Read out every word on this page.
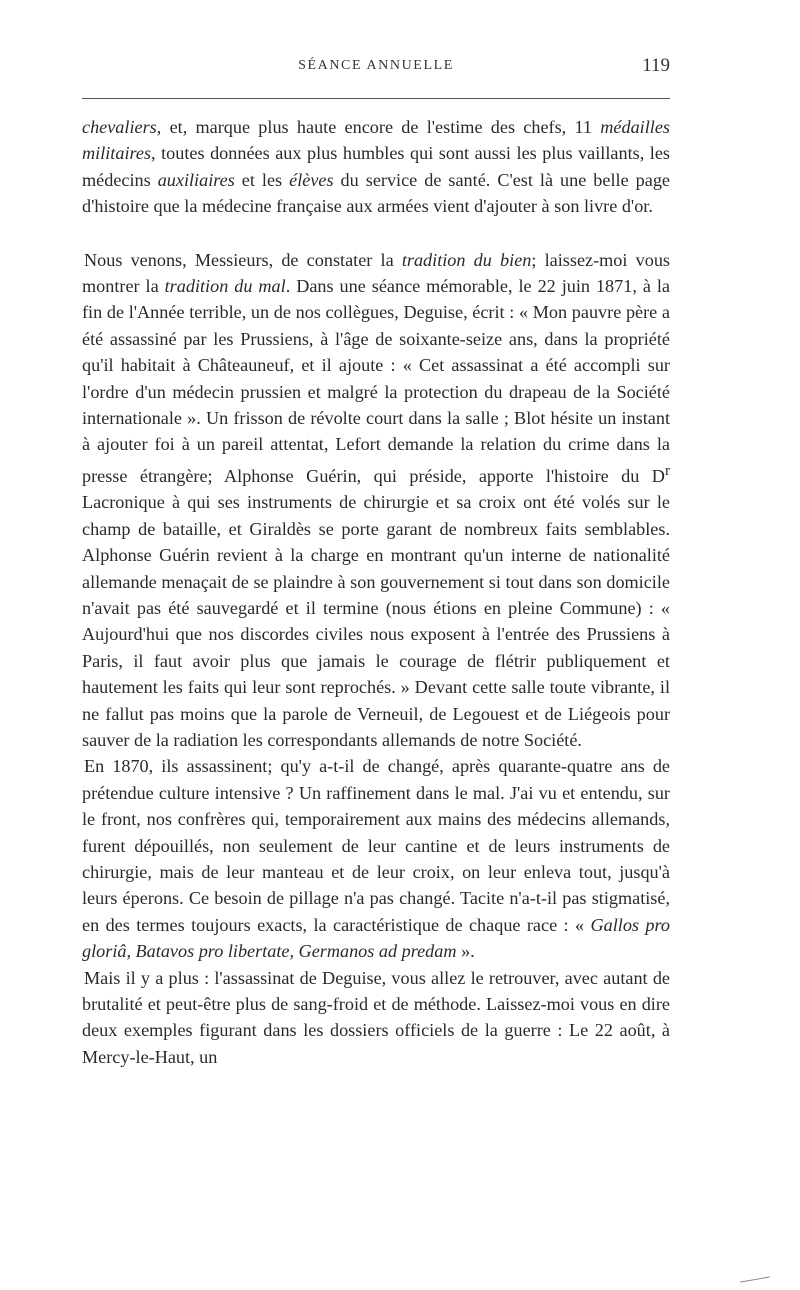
SÉANCE ANNUELLE	119

chevaliers, et, marque plus haute encore de l'estime des chefs, 11 médailles militaires, toutes données aux plus humbles qui sont aussi les plus vaillants, les médecins auxiliaires et les élèves du service de santé. C'est là une belle page d'histoire que la médecine française aux armées vient d'ajouter à son livre d'or.

Nous venons, Messieurs, de constater la tradition du bien; laissez-moi vous montrer la tradition du mal. Dans une séance mémorable, le 22 juin 1871, à la fin de l'Année terrible, un de nos collègues, Deguise, écrit : « Mon pauvre père a été assassiné par les Prussiens, à l'âge de soixante-seize ans, dans la propriété qu'il habitait à Châteauneuf, et il ajoute : « Cet assassinat a été accompli sur l'ordre d'un médecin prussien et malgré la protection du drapeau de la Société internationale ». Un frisson de révolte court dans la salle ; Blot hésite un instant à ajouter foi à un pareil attentat, Lefort demande la relation du crime dans la presse étrangère; Alphonse Guérin, qui préside, apporte l'histoire du $D^r$ Lacronique à qui ses instruments de chirurgie et sa croix ont été volés sur le champ de bataille, et Giraldès se porte garant de nombreux faits semblables. Alphonse Guérin revient à la charge en montrant qu'un interne de nationalité allemande menaçait de se plaindre à son gouvernement si tout dans son domicile n'avait pas été sauvegardé et il termine (nous étions en pleine Commune) : « Aujourd'hui que nos discordes civiles nous exposent à l'entrée des Prussiens à Paris, il faut avoir plus que jamais le courage de flétrir publiquement et hautement les faits qui leur sont reprochés. » Devant cette salle toute vibrante, il ne fallut pas moins que la parole de Verneuil, de Legouest et de Liégeois pour sauver de la radiation les correspondants allemands de notre Société.

En 1870, ils assassinent; qu'y a-t-il de changé, après quarante-quatre ans de prétendue culture intensive ? Un raffinement dans le mal. J'ai vu et entendu, sur le front, nos confrères qui, temporairement aux mains des médecins allemands, furent dépouillés, non seulement de leur cantine et de leurs instruments de chirurgie, mais de leur manteau et de leur croix, on leur enleva tout, jusqu'à leurs éperons. Ce besoin de pillage n'a pas changé. Tacite n'a-t-il pas stigmatisé, en des termes toujours exacts, la caractéristique de chaque race : « Gallos pro gloriâ, Batavos pro libertate, Germanos ad predam ».

Mais il y a plus : l'assassinat de Deguise, vous allez le retrouver, avec autant de brutalité et peut-être plus de sang-froid et de méthode. Laissez-moi vous en dire deux exemples figurant dans les dossiers officiels de la guerre : Le 22 août, à Mercy-le-Haut, un
